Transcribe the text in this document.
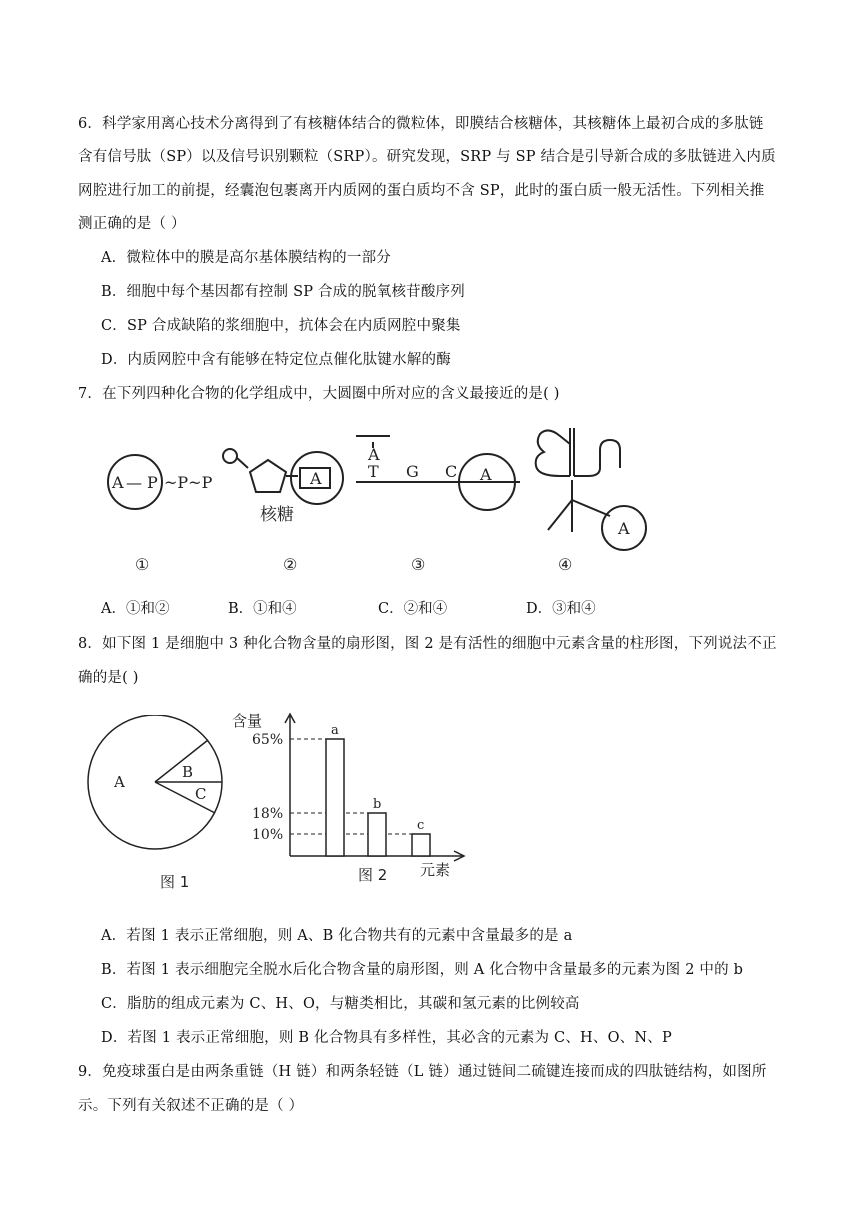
6．科学家用离心技术分离得到了有核糖体结合的微粒体，即膜结合核糖体，其核糖体上最初合成的多肽链
含有信号肽（SP）以及信号识别颗粒（SRP）。研究发现，SRP 与 SP 结合是引导新合成的多肽链进入内质
网腔进行加工的前提，经囊泡包裹离开内质网的蛋白质均不含 SP，此时的蛋白质一般无活性。下列相关推
测正确的是（ ）
A．微粒体中的膜是高尔基体膜结构的一部分
B．细胞中每个基因都有控制 SP 合成的脱氧核苷酸序列
C．SP 合成缺陷的浆细胞中，抗体会在内质网腔中聚集
D．内质网腔中含有能够在特定位点催化肽键水解的酶
7．在下列四种化合物的化学组成中，大圆圈中所对应的含义最接近的是( )
A — P ~P~P	A
核糖
A
T G C A
A
①	②	③	④
A．①和②	B．①和④	C．②和④	D．③和④
8．如下图 1 是细胞中 3 种化合物含量的扇形图，图 2 是有活性的细胞中元素含量的柱形图，下列说法不正
确的是( )
A
B
C
图 1
65%
18%
10%
a
b
c
含量
元素
图 2
A．若图 1 表示正常细胞，则 A、B 化合物共有的元素中含量最多的是 a
B．若图 1 表示细胞完全脱水后化合物含量的扇形图，则 A 化合物中含量最多的元素为图 2 中的 b
C．脂肪的组成元素为 C、H、O，与糖类相比，其碳和氢元素的比例较高
D．若图 1 表示正常细胞，则 B 化合物具有多样性，其必含的元素为 C、H、O、N、P
9．免疫球蛋白是由两条重链（H 链）和两条轻链（L 链）通过链间二硫键连接而成的四肽链结构，如图所
示。下列有关叙述不正确的是（ ）
